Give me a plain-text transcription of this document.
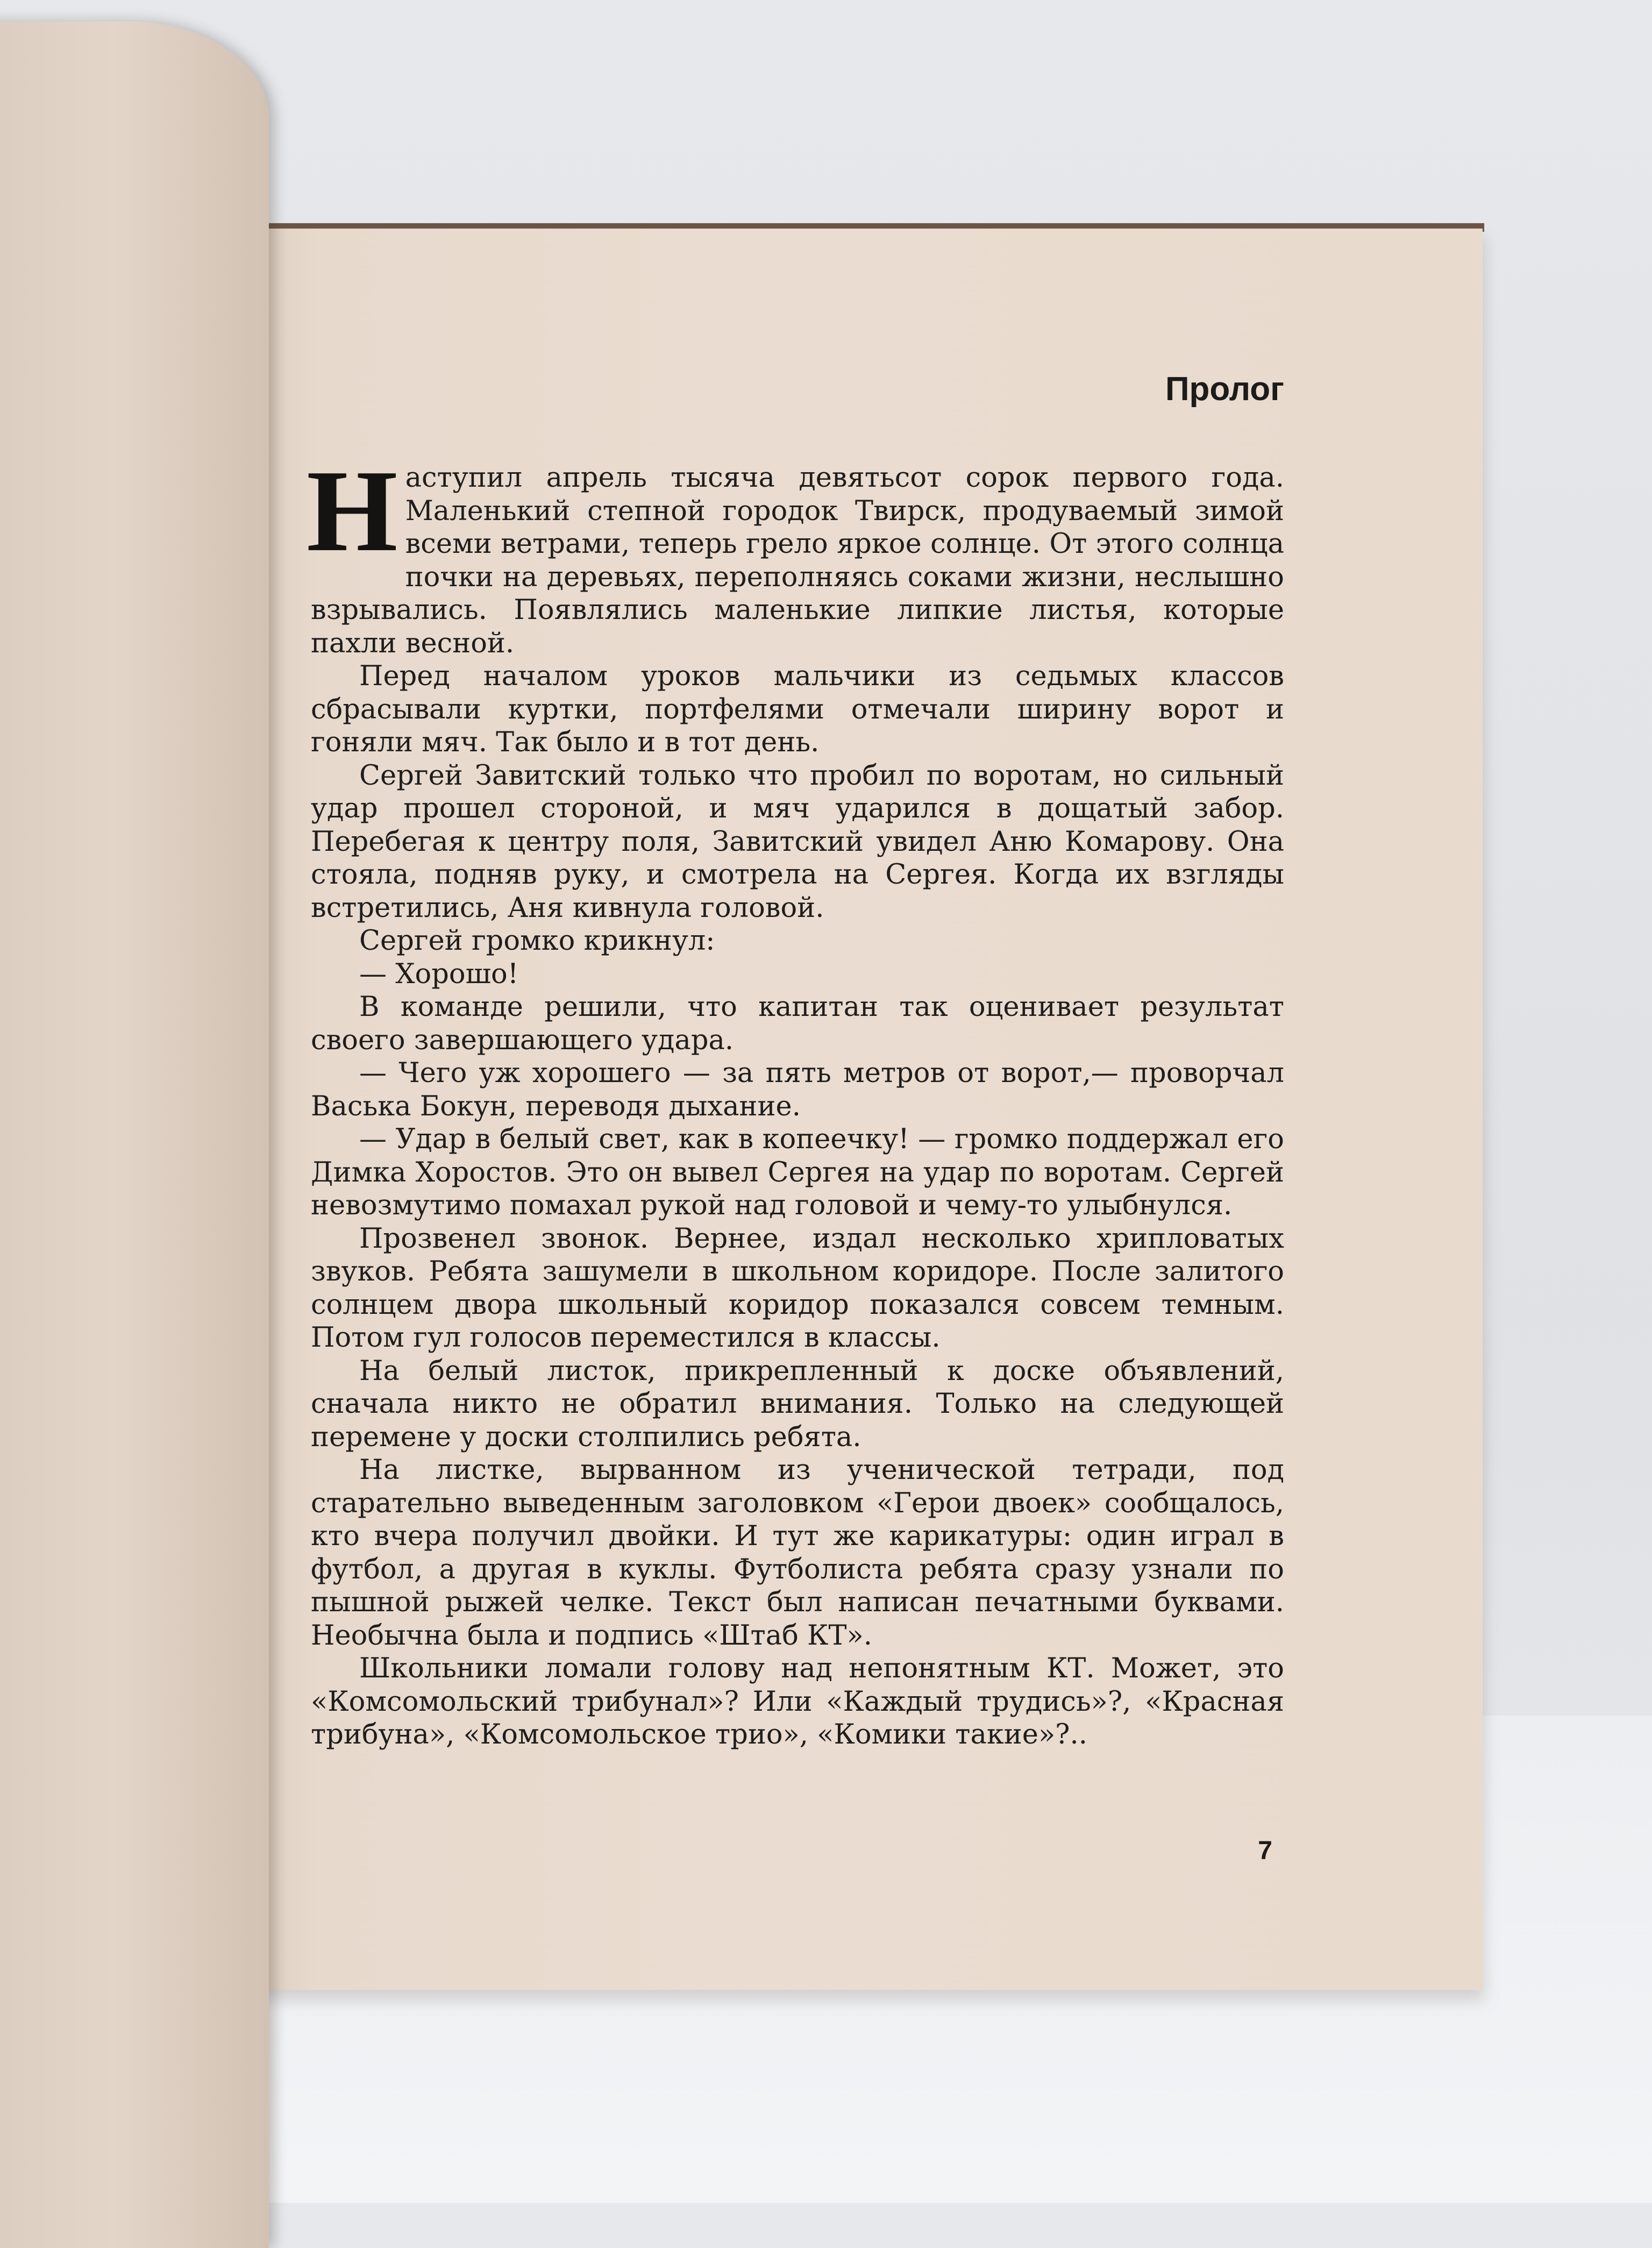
Пролог

Наступил апрель тысяча девятьсот сорок первого года. Маленький степной городок Твирск, продуваемый зимой всеми ветрами, теперь грело яркое солнце. От этого солнца почки на деревьях, переполняясь соками жизни, неслышно взрывались. Появлялись маленькие липкие листья, которые пахли весной.

Перед началом уроков мальчики из седьмых классов сбрасывали куртки, портфелями отмечали ширину ворот и гоняли мяч. Так было и в тот день.

Сергей Завитский только что пробил по воротам, но сильный удар прошел стороной, и мяч ударился в дощатый забор. Перебегая к центру поля, Завитский увидел Аню Комарову. Она стояла, подняв руку, и смотрела на Сергея. Когда их взгляды встретились, Аня кивнула головой.

Сергей громко крикнул:

— Хорошо!

В команде решили, что капитан так оценивает результат своего завершающего удара.

— Чего уж хорошего — за пять метров от ворот,— проворчал Васька Бокун, переводя дыхание.

— Удар в белый свет, как в копеечку! — громко поддержал его Димка Хоростов. Это он вывел Сергея на удар по воротам. Сергей невозмутимо помахал рукой над головой и чему-то улыбнулся.

Прозвенел звонок. Вернее, издал несколько хрипловатых звуков. Ребята зашумели в школьном коридоре. После залитого солнцем двора школьный коридор показался совсем темным. Потом гул голосов переместился в классы.

На белый листок, прикрепленный к доске объявлений, сначала никто не обратил внимания. Только на следующей перемене у доски столпились ребята.

На листке, вырванном из ученической тетради, под старательно выведенным заголовком «Герои двоек» сообщалось, кто вчера получил двойки. И тут же карикатуры: один играл в футбол, а другая в куклы. Футболиста ребята сразу узнали по пышной рыжей челке. Текст был написан печатными буквами. Необычна была и подпись «Штаб КТ».

Школьники ломали голову над непонятным КТ. Может, это «Комсомольский трибунал»? Или «Каждый трудись»?, «Красная трибуна», «Комсомольское трио», «Комики такие»?..

7
